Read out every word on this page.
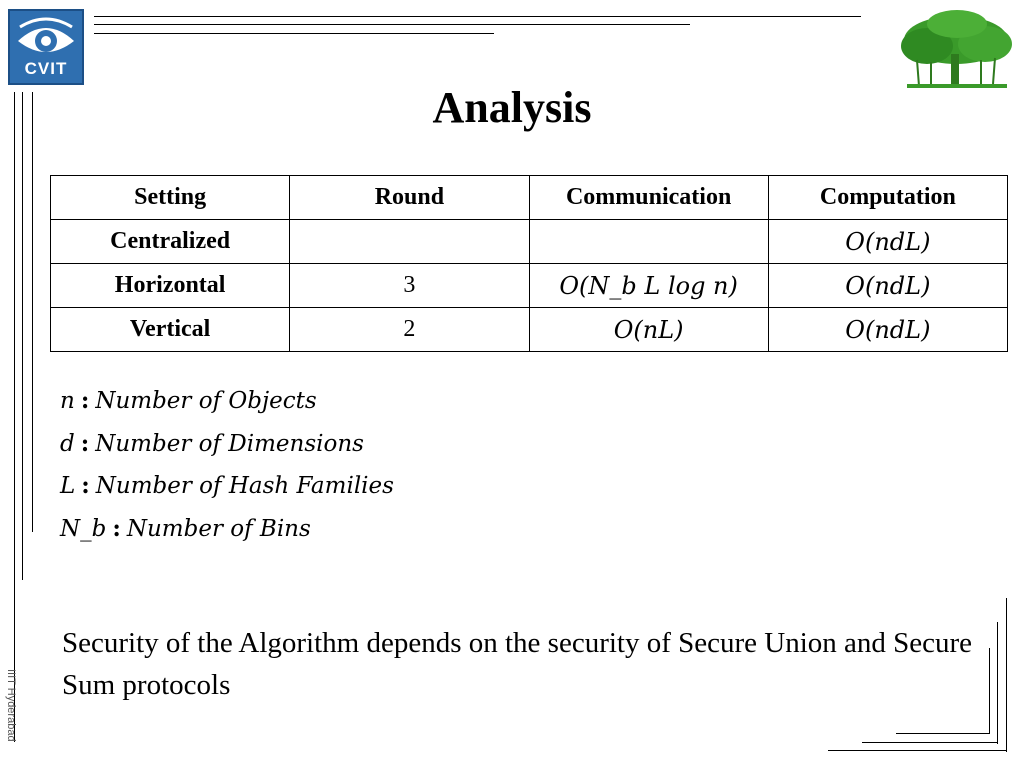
CVIT
Analysis
Setting	Round	Communication	Computation
Centralized			O(ndL)
Horizontal	3	O(N_b L log n)	O(ndL)
Vertical	2	O(nL)	O(ndL)
n : Number of Objects
d : Number of Dimensions
L : Number of Hash Families
N_b : Number of Bins
Security of the Algorithm depends on the security of Secure Union and Secure Sum protocols
IIIT Hyderabad
